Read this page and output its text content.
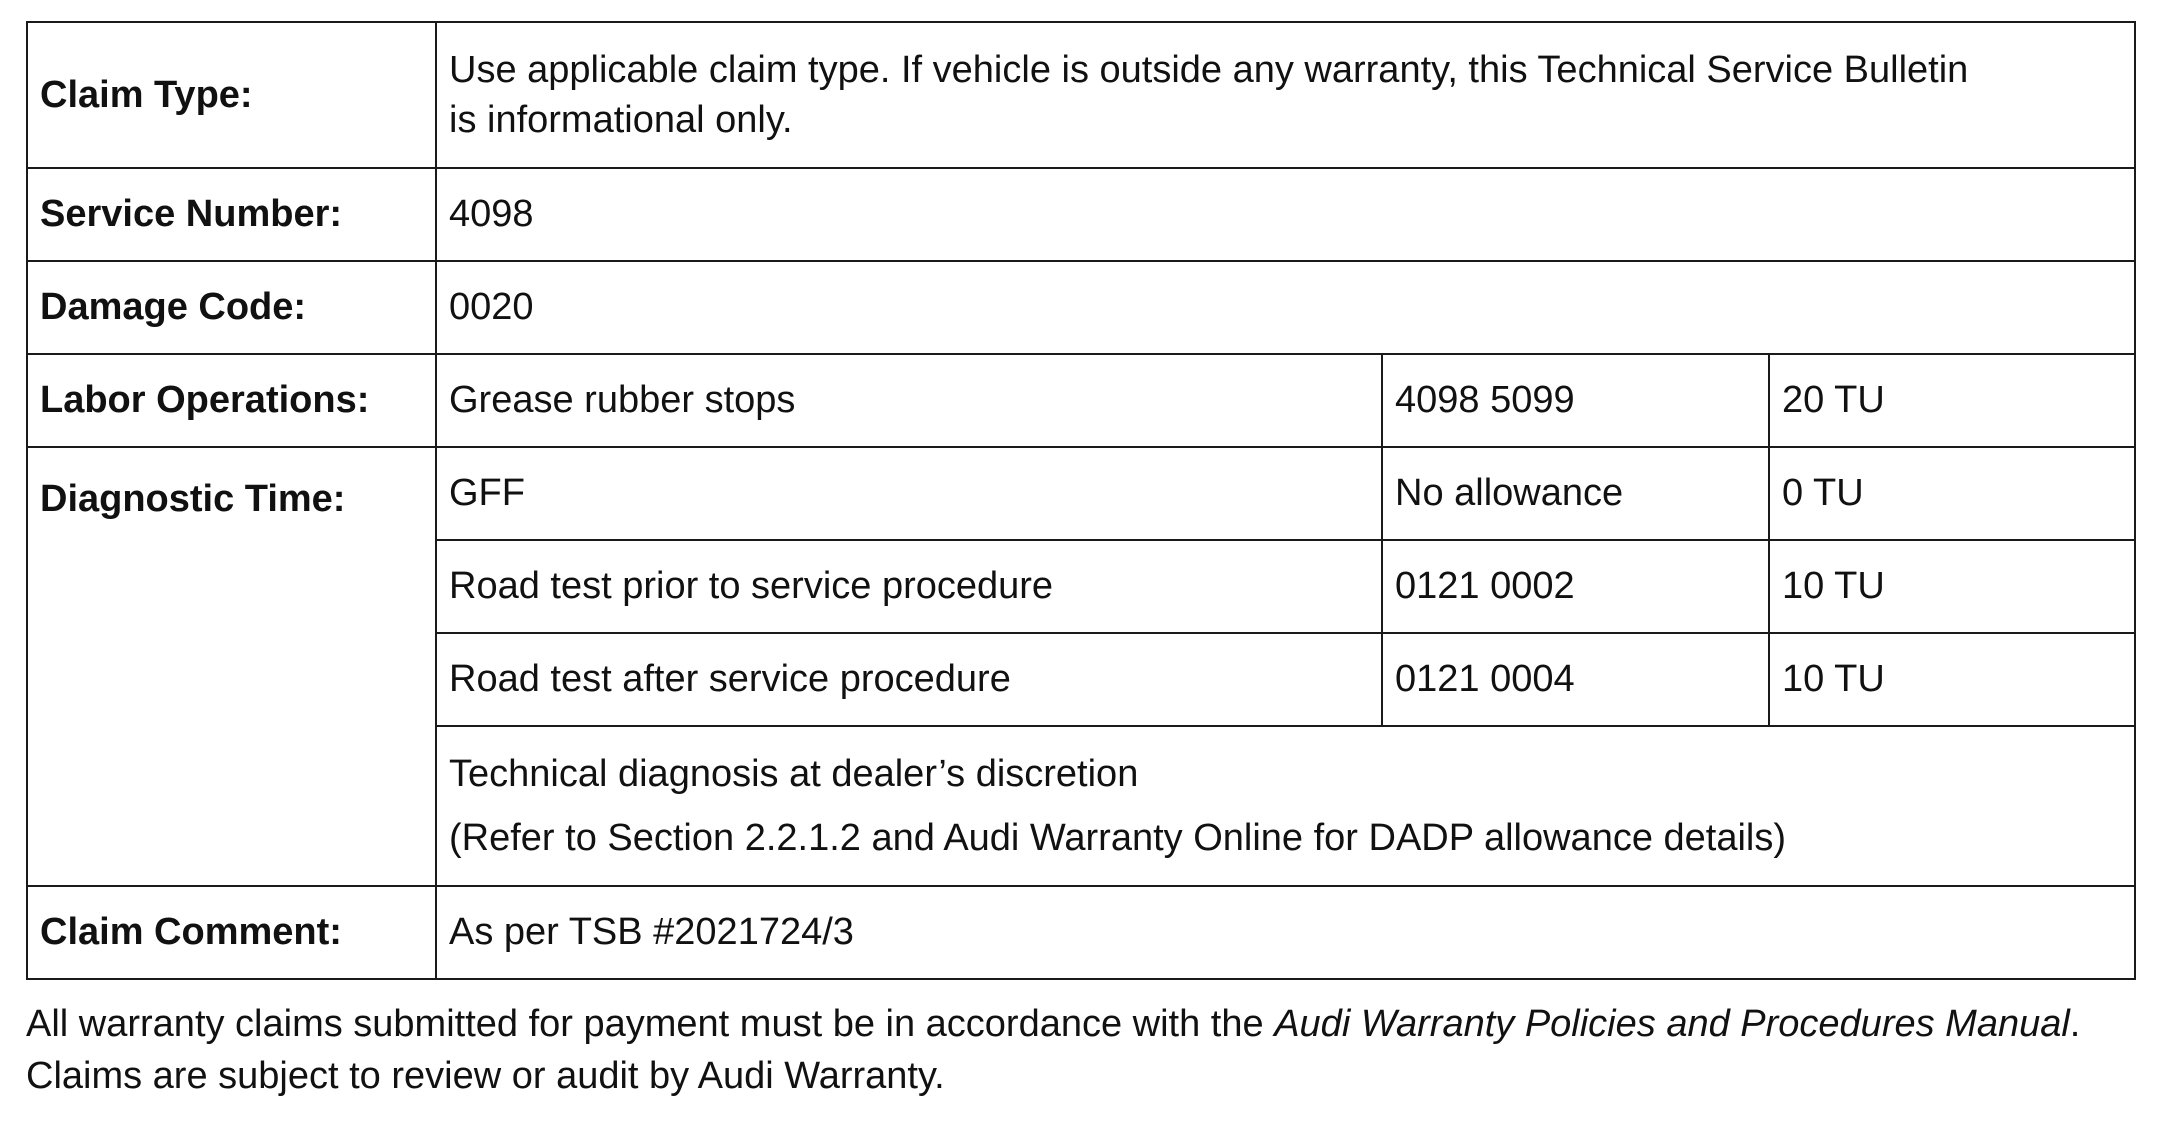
Claim Type:	Use applicable claim type. If vehicle is outside any warranty, this Technical Service Bulletin
is informational only.		

Service Number:	4098		
Damage Code:	0020		
Labor Operations:	Grease rubber stops	4098 5099	20 TU
Diagnostic Time:	GFF	No allowance	0 TU
	Road test prior to service procedure	0121 0002	10 TU
	Road test after service procedure	0121 0004	10 TU

	Technical diagnosis at dealer’s discretion
(Refer to Section 2.2.1.2 and Audi Warranty Online for DADP allowance details)		

Claim Comment:	As per TSB #2021724/3		

All warranty claims submitted for payment must be in accordance with the Audi Warranty Policies and Procedures Manual. Claims are subject to review or audit by Audi Warranty.
